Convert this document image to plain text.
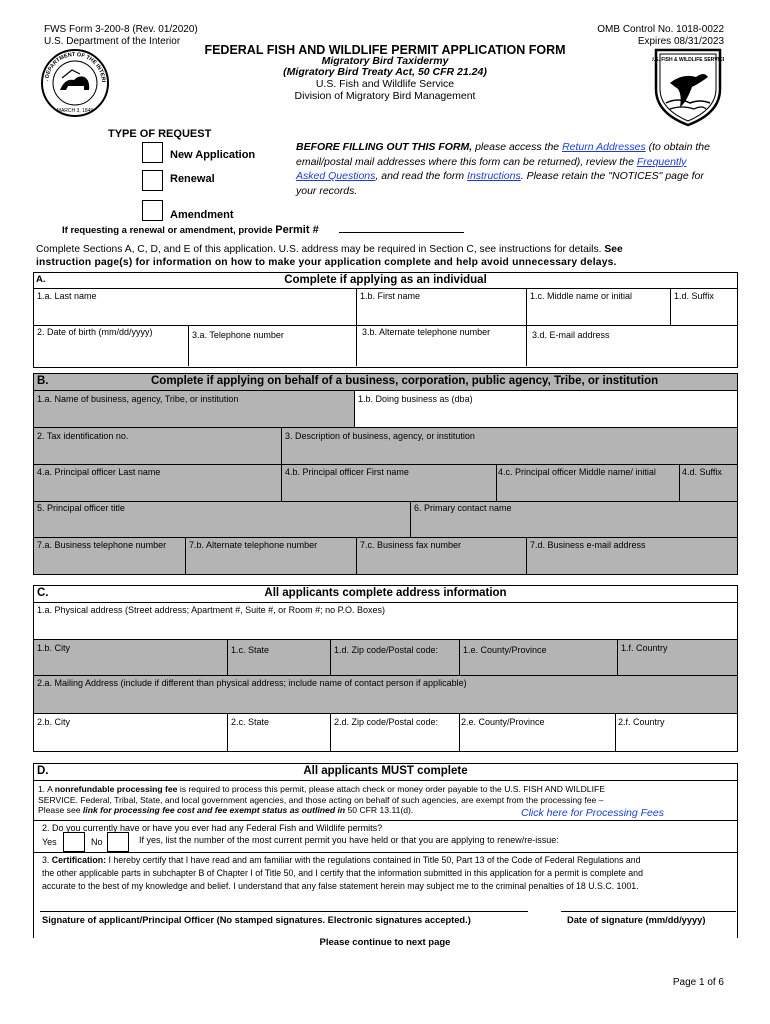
FWS Form 3-200-8 (Rev. 01/2020)
U.S. Department of the Interior
OMB Control No. 1018-0022
Expires 08/31/2023
. DEPARTMENT OF THE INTERI
MARCH 3, 1849
U.S. FISH & WILDLIFE SERVICE
FEDERAL FISH AND WILDLIFE PERMIT APPLICATION FORM
Migratory Bird Taxidermy
(Migratory Bird Treaty Act, 50 CFR 21.24)
U.S. Fish and Wildlife Service
Division of Migratory Bird Management
TYPE OF REQUEST
New Application
Renewal
Amendment
If requesting a renewal or amendment, provide Permit #
BEFORE FILLING OUT THIS FORM, please access the Return Addresses (to obtain the email/postal mail addresses where this form can be returned), review the Frequently Asked Questions, and read the form Instructions. Please retain the "NOTICES" page for your records.
Complete Sections A, C, D, and E of this application. U.S. address may be required in Section C, see instructions for details. See
instruction page(s) for information on how to make your application complete and help avoid unnecessary delays.
A.	Complete if applying as an individual
1.a. Last name	1.b. First name	1.c. Middle name or initial	1.d. Suffix
2. Date of birth (mm/dd/yyyy)	3.a. Telephone number	3.b. Alternate telephone number	3.d. E-mail address
B.	Complete if applying on behalf of a business, corporation, public agency, Tribe, or institution
1.a. Name of business, agency, Tribe, or institution	1.b. Doing business as (dba)
2. Tax identification no.	3. Description of business, agency, or institution
4.a. Principal officer Last name	4.b. Principal officer First name	4.c. Principal officer Middle name/ initial	4.d. Suffix
5. Principal officer title	6. Primary contact name
7.a. Business telephone number	7.b. Alternate telephone number	7.c. Business fax number	7.d. Business e-mail address
C.	All applicants complete address information
1.a. Physical address (Street address; Apartment #, Suite #, or Room #; no P.O. Boxes)
1.b. City	1.c. State	1.d. Zip code/Postal code:	1.e. County/Province	1.f. Country
2.a. Mailing Address (include if different than physical address; include name of contact person if applicable)
2.b. City	2.c. State	2.d. Zip code/Postal code:	2.e. County/Province	2.f. Country
D.	All applicants MUST complete
1. A nonrefundable processing fee is required to process this permit, please attach check or money order payable to the U.S. FISH AND WILDLIFE
SERVICE. Federal, Tribal, State, and local government agencies, and those acting on behalf of such agencies, are exempt from the processing fee –
Please see link for processing fee cost and fee exempt status as outlined in 50 CFR 13.11(d).	Click here for Processing Fees
2. Do you currently have or have you ever had any Federal Fish and Wildlife permits?
Yes	No	If yes, list the number of the most current permit you have held or that you are applying to renew/re-issue:
3. Certification: I hereby certify that I have read and am familiar with the regulations contained in Title 50, Part 13 of the Code of Federal Regulations and
the other applicable parts in subchapter B of Chapter I of Title 50, and I certify that the information submitted in this application for a permit is complete and
accurate to the best of my knowledge and belief. I understand that any false statement herein may subject me to the criminal penalties of 18 U.S.C. 1001.
Signature of applicant/Principal Officer (No stamped signatures. Electronic signatures accepted.)	Date of signature (mm/dd/yyyy)
Please continue to next page
Page 1 of 6
